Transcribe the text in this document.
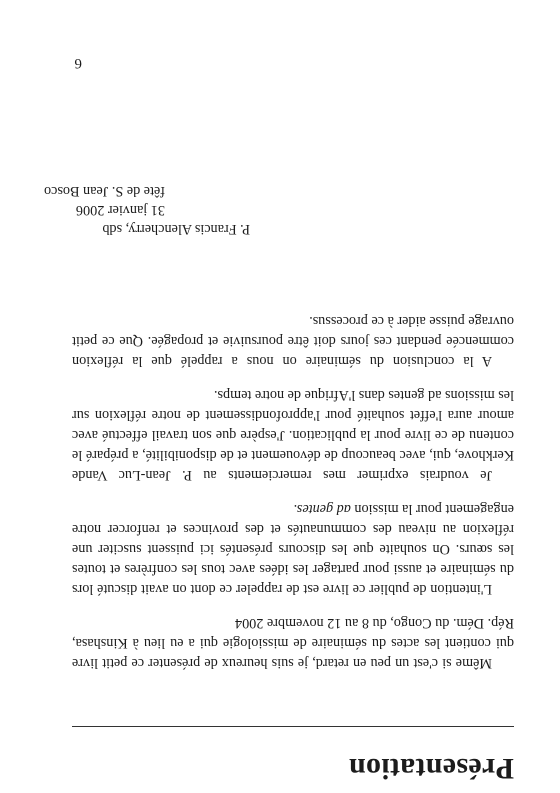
Présentation

Même si c'est un peu en retard, je suis heureux de présenter ce petit livre qui contient les actes du séminaire de missiologie qui a eu lieu à Kinshasa, Rép. Dém. du Congo, du 8 au 12 novembre 2004

L'intention de publier ce livre est de rappeler ce dont on avait discuté lors du séminaire et aussi pour partager les idées avec tous les confrères et toutes les sœurs. On souhaite que les discours présentés ici puissent susciter une réflexion au niveau des communautés et des provinces et renforcer notre engagement pour la mission ad gentes.

Je voudrais exprimer mes remerciements au P. Jean-Luc Vande Kerkhove, qui, avec beaucoup de dévouement et de disponibilité, a préparé le contenu de ce livre pour la publication. J'espère que son travail effectué avec amour aura l'effet souhaité pour l'approfondissement de notre réflexion sur les missions ad gentes dans l'Afrique de notre temps.

A la conclusion du séminaire on nous a rappelé que la réflexion commencée pendant ces jours doit être poursuivie et propagée. Que ce petit ouvrage puisse aider à ce processus.

P. Francis Alencherry, sdb
31 janvier 2006
fête de S. Jean Bosco
6
